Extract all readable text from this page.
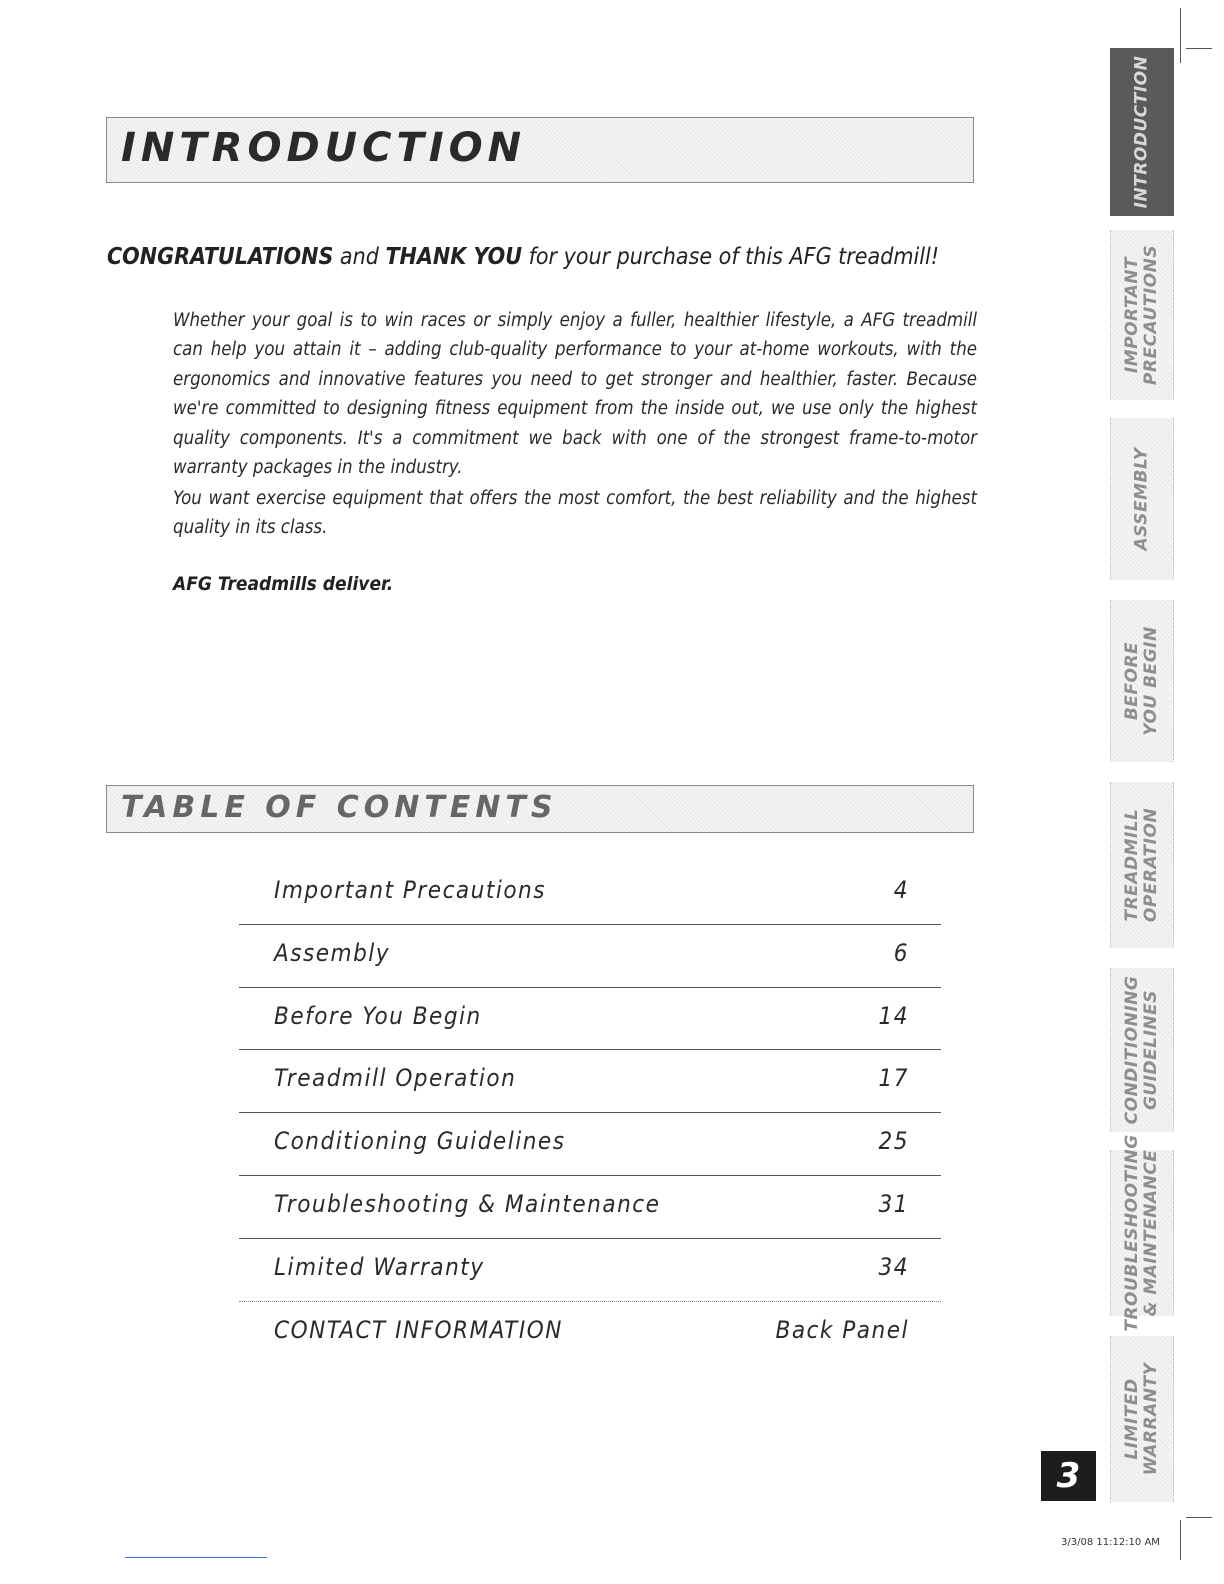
INTRODUCTION
CONGRATULATIONS and THANK YOU for your purchase of this AFG treadmill!

Whether your goal is to win races or simply enjoy a fuller, healthier lifestyle, a AFG treadmill can help you attain it – adding club-quality performance to your at-home workouts, with the ergonomics and innovative features you need to get stronger and healthier, faster. Because we're committed to designing fitness equipment from the inside out, we use only the highest quality components. It's a commitment we back with one of the strongest frame-to-motor warranty packages in the industry.

You want exercise equipment that offers the most comfort, the best reliability and the highest quality in its class.

AFG Treadmills deliver.
TABLE OF CONTENTS
Important Precautions	4
Assembly	6
Before You Begin	14
Treadmill Operation	17
Conditioning Guidelines	25
Troubleshooting & Maintenance	31
Limited Warranty	34
CONTACT INFORMATION	Back Panel
INTRODUCTION
IMPORTANT
PRECAUTIONS
ASSEMBLY
BEFORE
YOU BEGIN
TREADMILL
OPERATION
CONDITIONING
GUIDELINES
TROUBLESHOOTING
& MAINTENANCE
LIMITED
WARRANTY
3
3/3/08 11:12:10 AM
